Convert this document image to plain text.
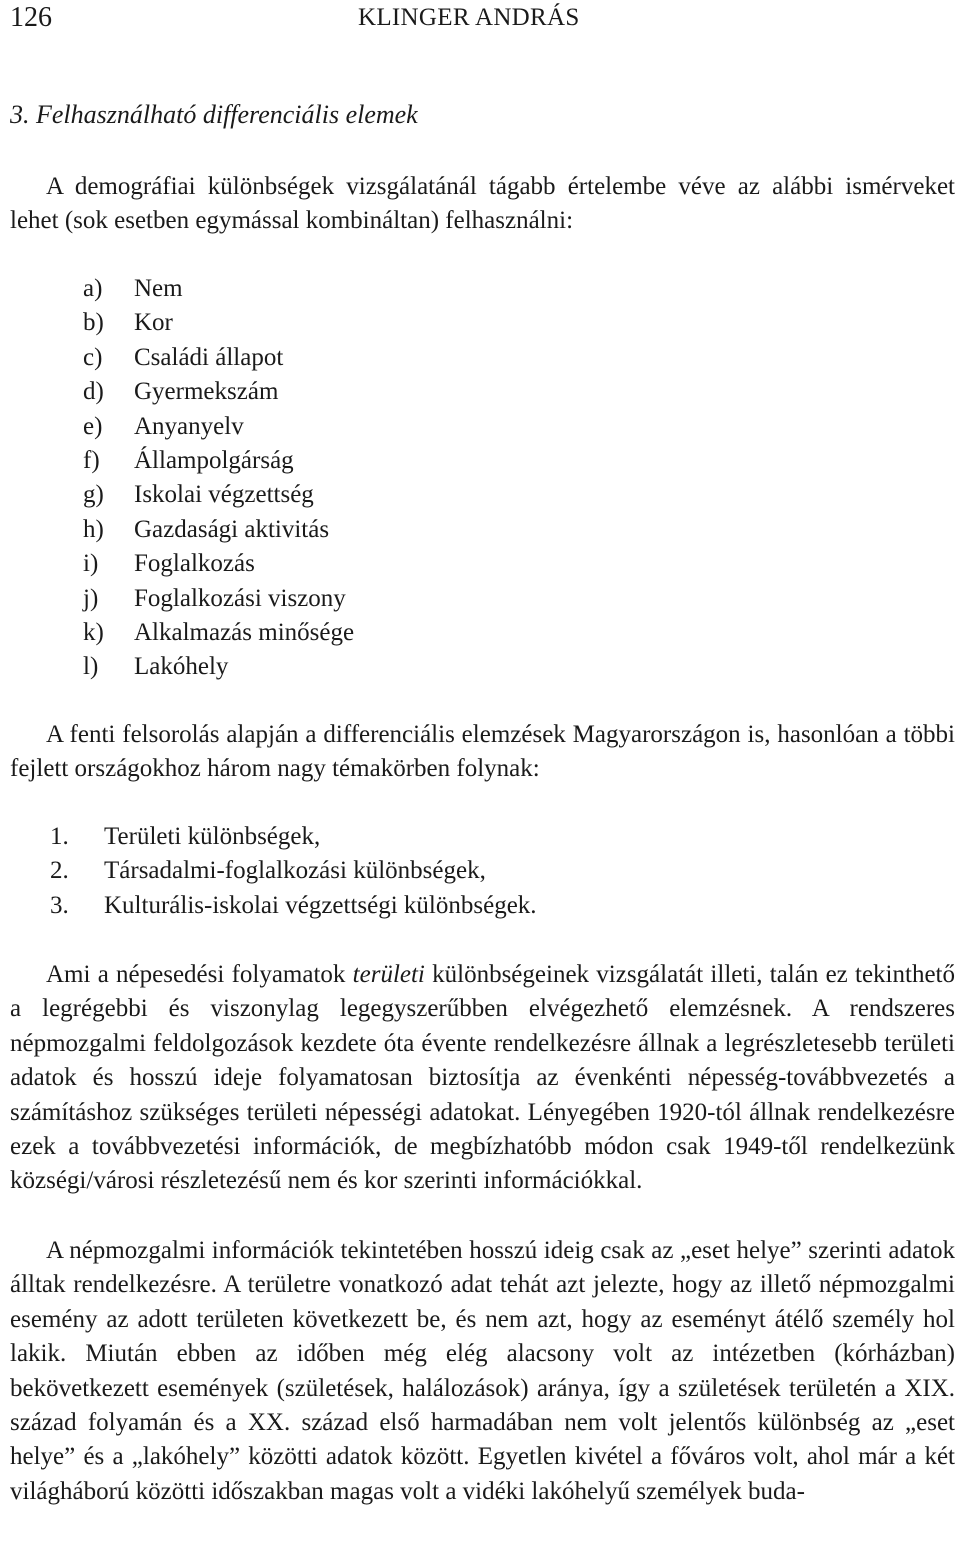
126	KLINGER ANDRÁS
3. Felhasználható differenciális elemek

A demográfiai különbségek vizsgálatánál tágabb értelembe véve az alábbi ismérveket lehet (sok esetben egymással kombináltan) felhasználni:

a)	Nem
b)	Kor
c)	Családi állapot
d)	Gyermekszám
e)	Anyanyelv
f)	Állampolgárság
g)	Iskolai végzettség
h)	Gazdasági aktivitás
i)	Foglalkozás
j)	Foglalkozási viszony
k)	Alkalmazás minősége
l)	Lakóhely

A fenti felsorolás alapján a differenciális elemzések Magyarországon is, hasonlóan a többi fejlett országokhoz három nagy témakörben folynak:

1.	Területi különbségek,
2.	Társadalmi-foglalkozási különbségek,
3.	Kulturális-iskolai végzettségi különbségek.

Ami a népesedési folyamatok területi különbségeinek vizsgálatát illeti, talán ez tekinthető a legrégebbi és viszonylag legegyszerűbben elvégezhető elemzésnek. A rendszeres népmozgalmi feldolgozások kezdete óta évente rendelkezésre állnak a legrészletesebb területi adatok és hosszú ideje folyamatosan biztosítja az évenkénti népesség-továbbvezetés a számításhoz szükséges területi népességi adatokat. Lényegében 1920-tól állnak rendelkezésre ezek a továbbvezetési információk, de megbízhatóbb módon csak 1949-től rendelkezünk községi/városi részletezésű nem és kor szerinti információkkal.

A népmozgalmi információk tekintetében hosszú ideig csak az „eset helye” szerinti adatok álltak rendelkezésre. A területre vonatkozó adat tehát azt jelezte, hogy az illető népmozgalmi esemény az adott területen következett be, és nem azt, hogy az eseményt átélő személy hol lakik. Miután ebben az időben még elég alacsony volt az intézetben (kórházban) bekövetkezett események (születések, halálozások) aránya, így a születések területén a XIX. század folyamán és a XX. század első harmadában nem volt jelentős különbség az „eset helye” és a „lakóhely” közötti adatok között. Egyetlen kivétel a főváros volt, ahol már a két világháború közötti időszakban magas volt a vidéki lakóhelyű személyek buda-
